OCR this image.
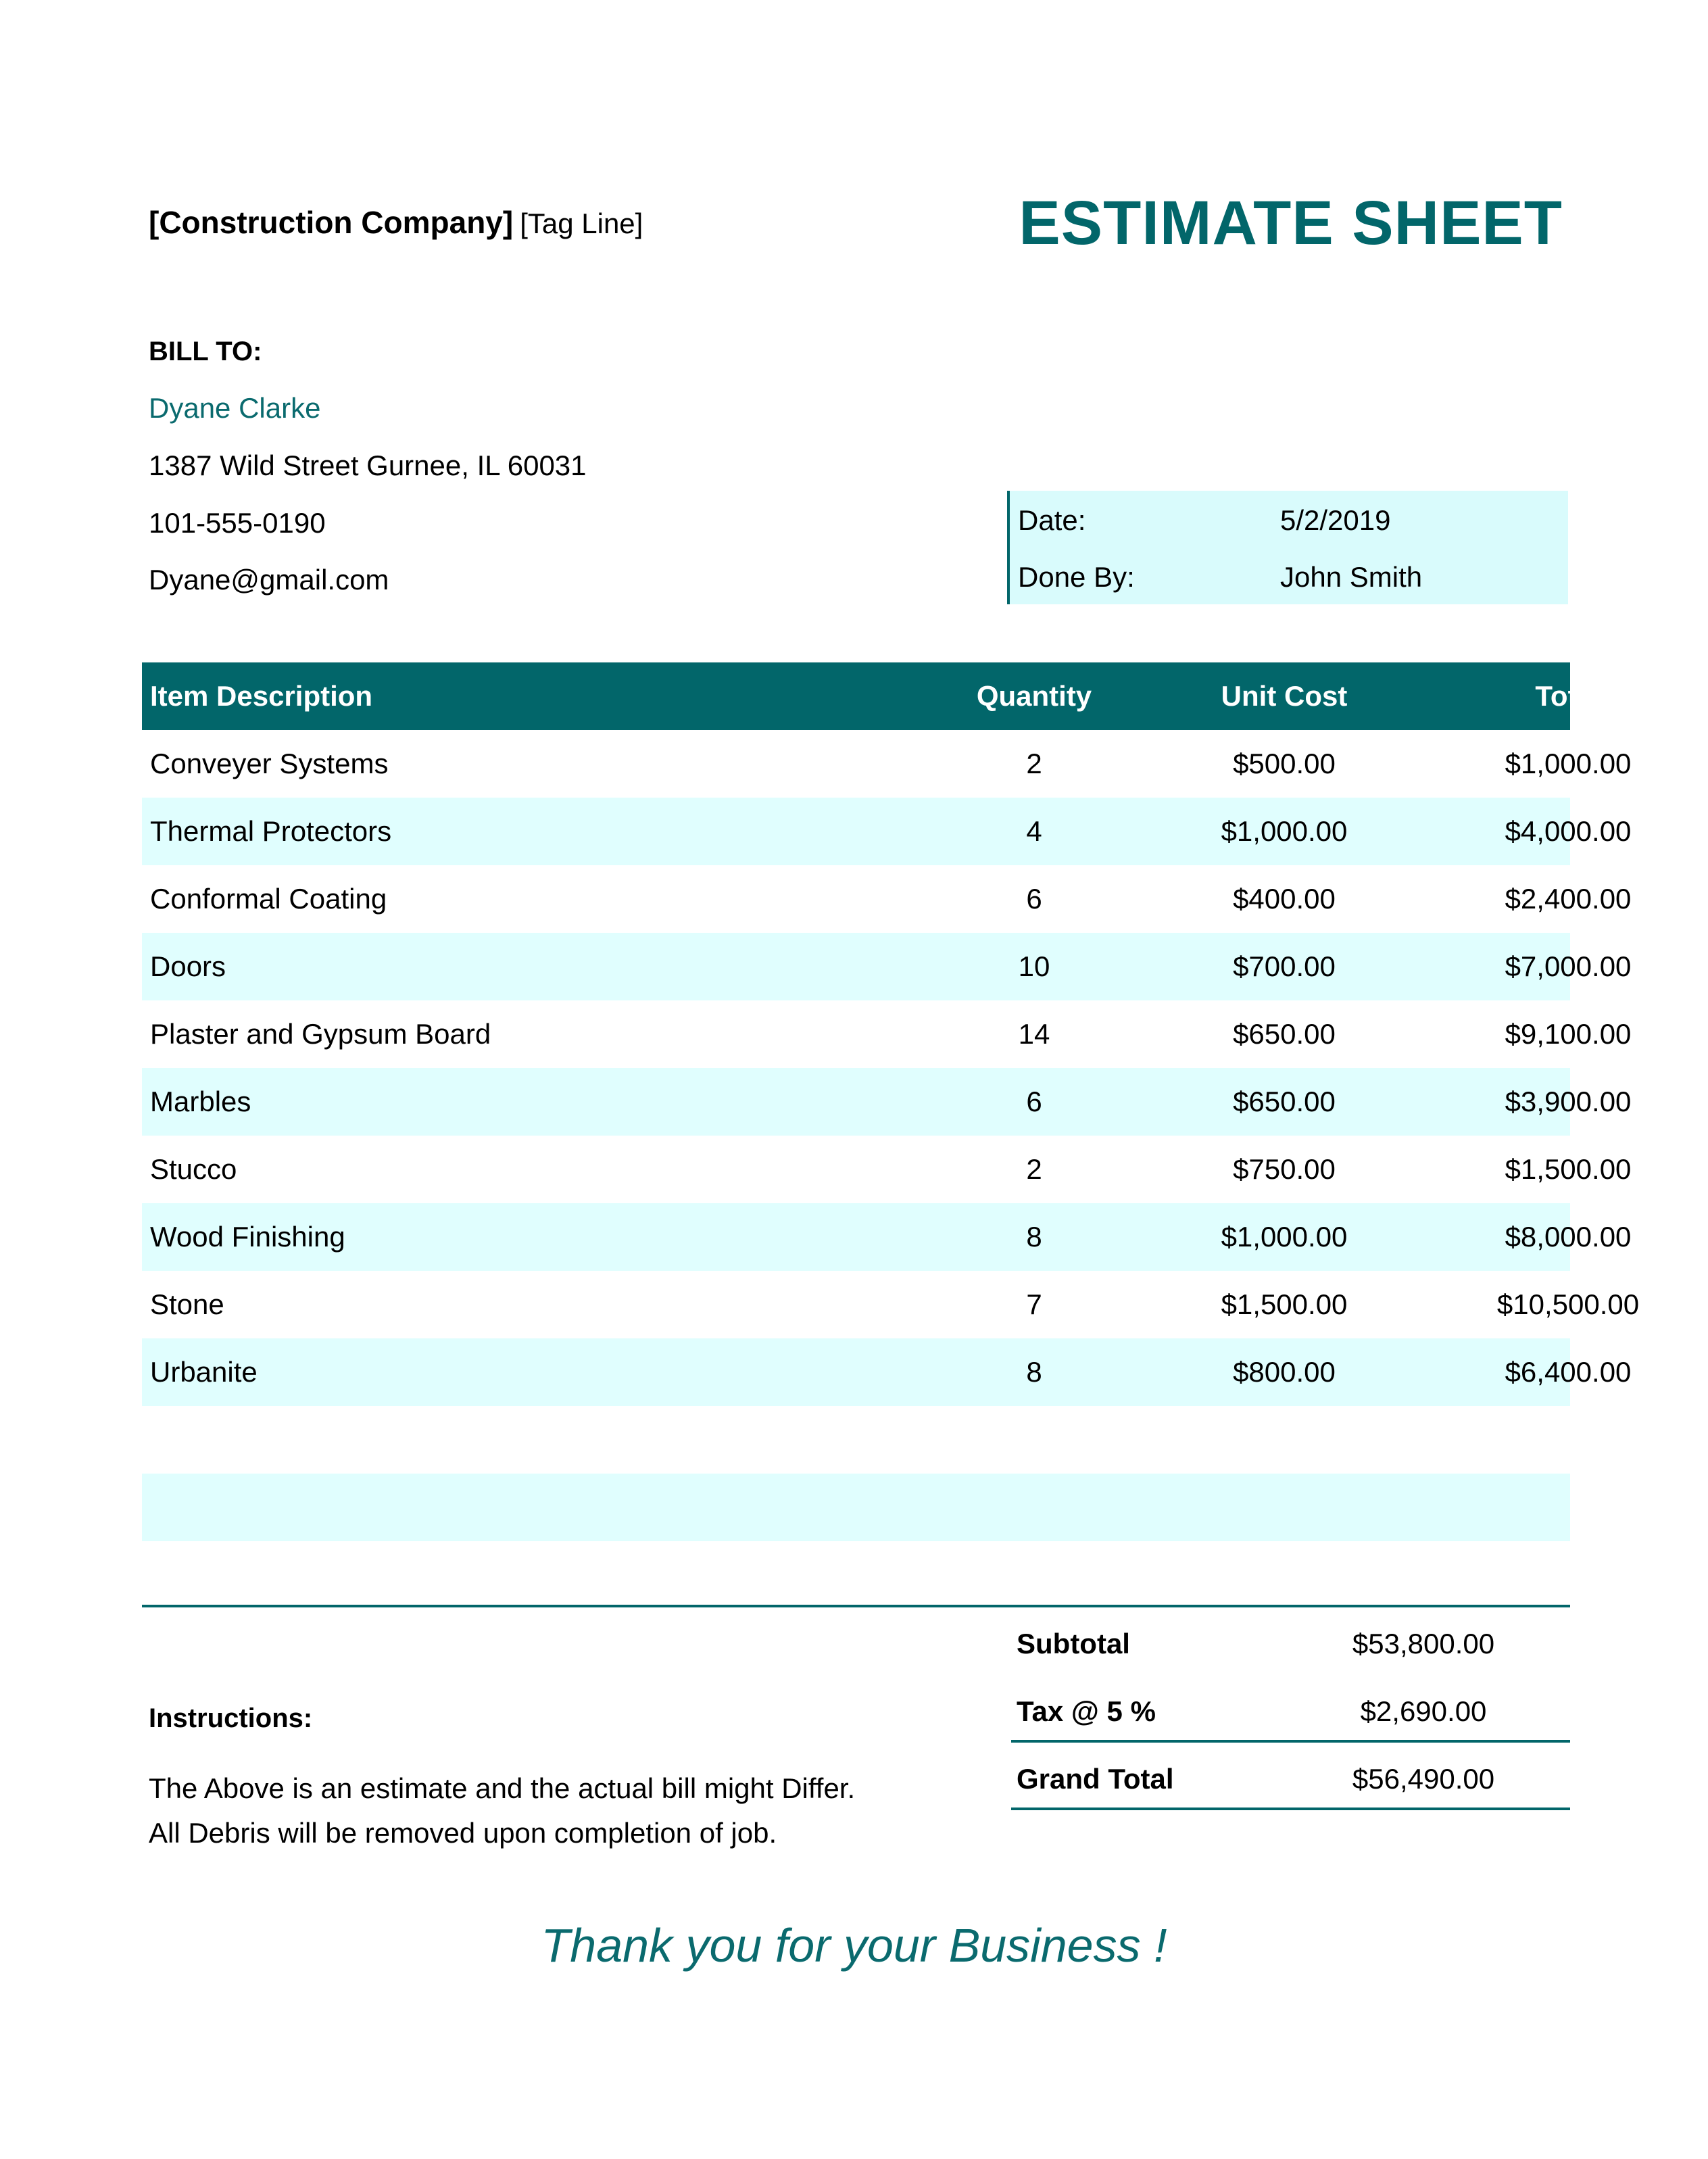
[Construction Company] [Tag Line]	ESTIMATE SHEET
BILL TO:
Dyane Clarke
1387 Wild Street Gurnee, IL 60031
101-555-0190
Dyane@gmail.com
Date:	5/2/2019
Done By:	John Smith
Item Description	Quantity	Unit Cost	Total
Conveyer Systems	2	$500.00	$1,000.00
Thermal Protectors	4	$1,000.00	$4,000.00
Conformal Coating	6	$400.00	$2,400.00
Doors	10	$700.00	$7,000.00
Plaster and Gypsum Board	14	$650.00	$9,100.00
Marbles	6	$650.00	$3,900.00
Stucco	2	$750.00	$1,500.00
Wood Finishing	8	$1,000.00	$8,000.00
Stone	7	$1,500.00	$10,500.00
Urbanite	8	$800.00	$6,400.00
Subtotal	$53,800.00
Tax @ 5 %	$2,690.00
Grand Total	$56,490.00
Instructions:
The Above is an estimate and the actual bill might Differ.
All Debris will be removed upon completion of job.
Thank you for your Business !
